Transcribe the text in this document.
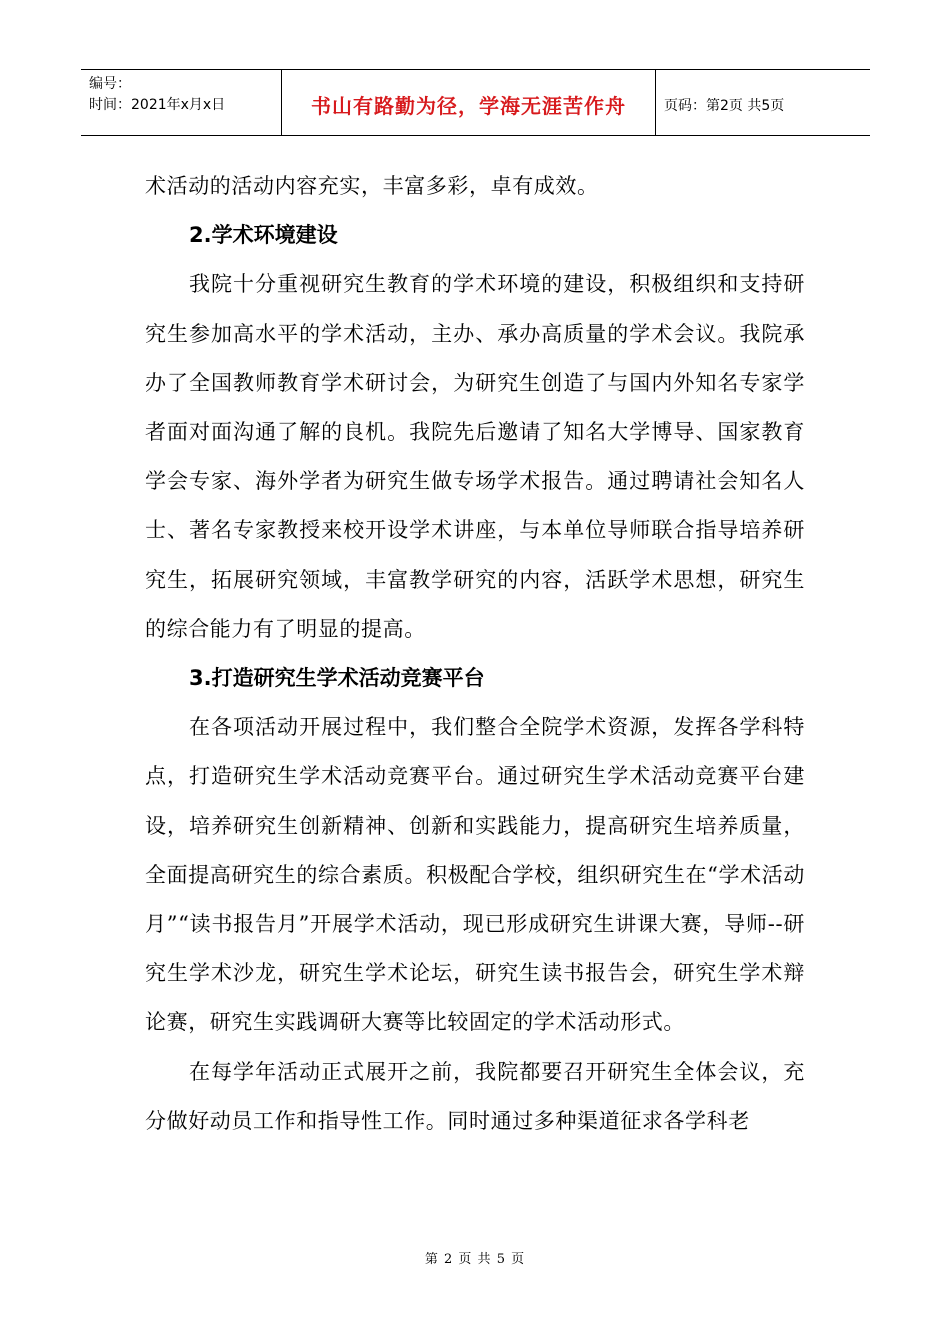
编号：
时间：2021年x月x日	书山有路勤为径，学海无涯苦作舟	页码：第2页 共5页

术活动的活动内容充实，丰富多彩，卓有成效。

2.学术环境建设

我院十分重视研究生教育的学术环境的建设，积极组织和支持研究生参加高水平的学术活动，主办、承办高质量的学术会议。我院承办了全国教师教育学术研讨会，为研究生创造了与国内外知名专家学者面对面沟通了解的良机。我院先后邀请了知名大学博导、国家教育学会专家、海外学者为研究生做专场学术报告。通过聘请社会知名人士、著名专家教授来校开设学术讲座，与本单位导师联合指导培养研究生，拓展研究领域，丰富教学研究的内容，活跃学术思想，研究生的综合能力有了明显的提高。

3.打造研究生学术活动竞赛平台

在各项活动开展过程中，我们整合全院学术资源，发挥各学科特点，打造研究生学术活动竞赛平台。通过研究生学术活动竞赛平台建设，培养研究生创新精神、创新和实践能力，提高研究生培养质量，全面提高研究生的综合素质。积极配合学校，组织研究生在“学术活动月”“读书报告月”开展学术活动，现已形成研究生讲课大赛，导师--研究生学术沙龙，研究生学术论坛，研究生读书报告会，研究生学术辩论赛，研究生实践调研大赛等比较固定的学术活动形式。

在每学年活动正式展开之前，我院都要召开研究生全体会议，充分做好动员工作和指导性工作。同时通过多种渠道征求各学科老

第 2 页 共 5 页
